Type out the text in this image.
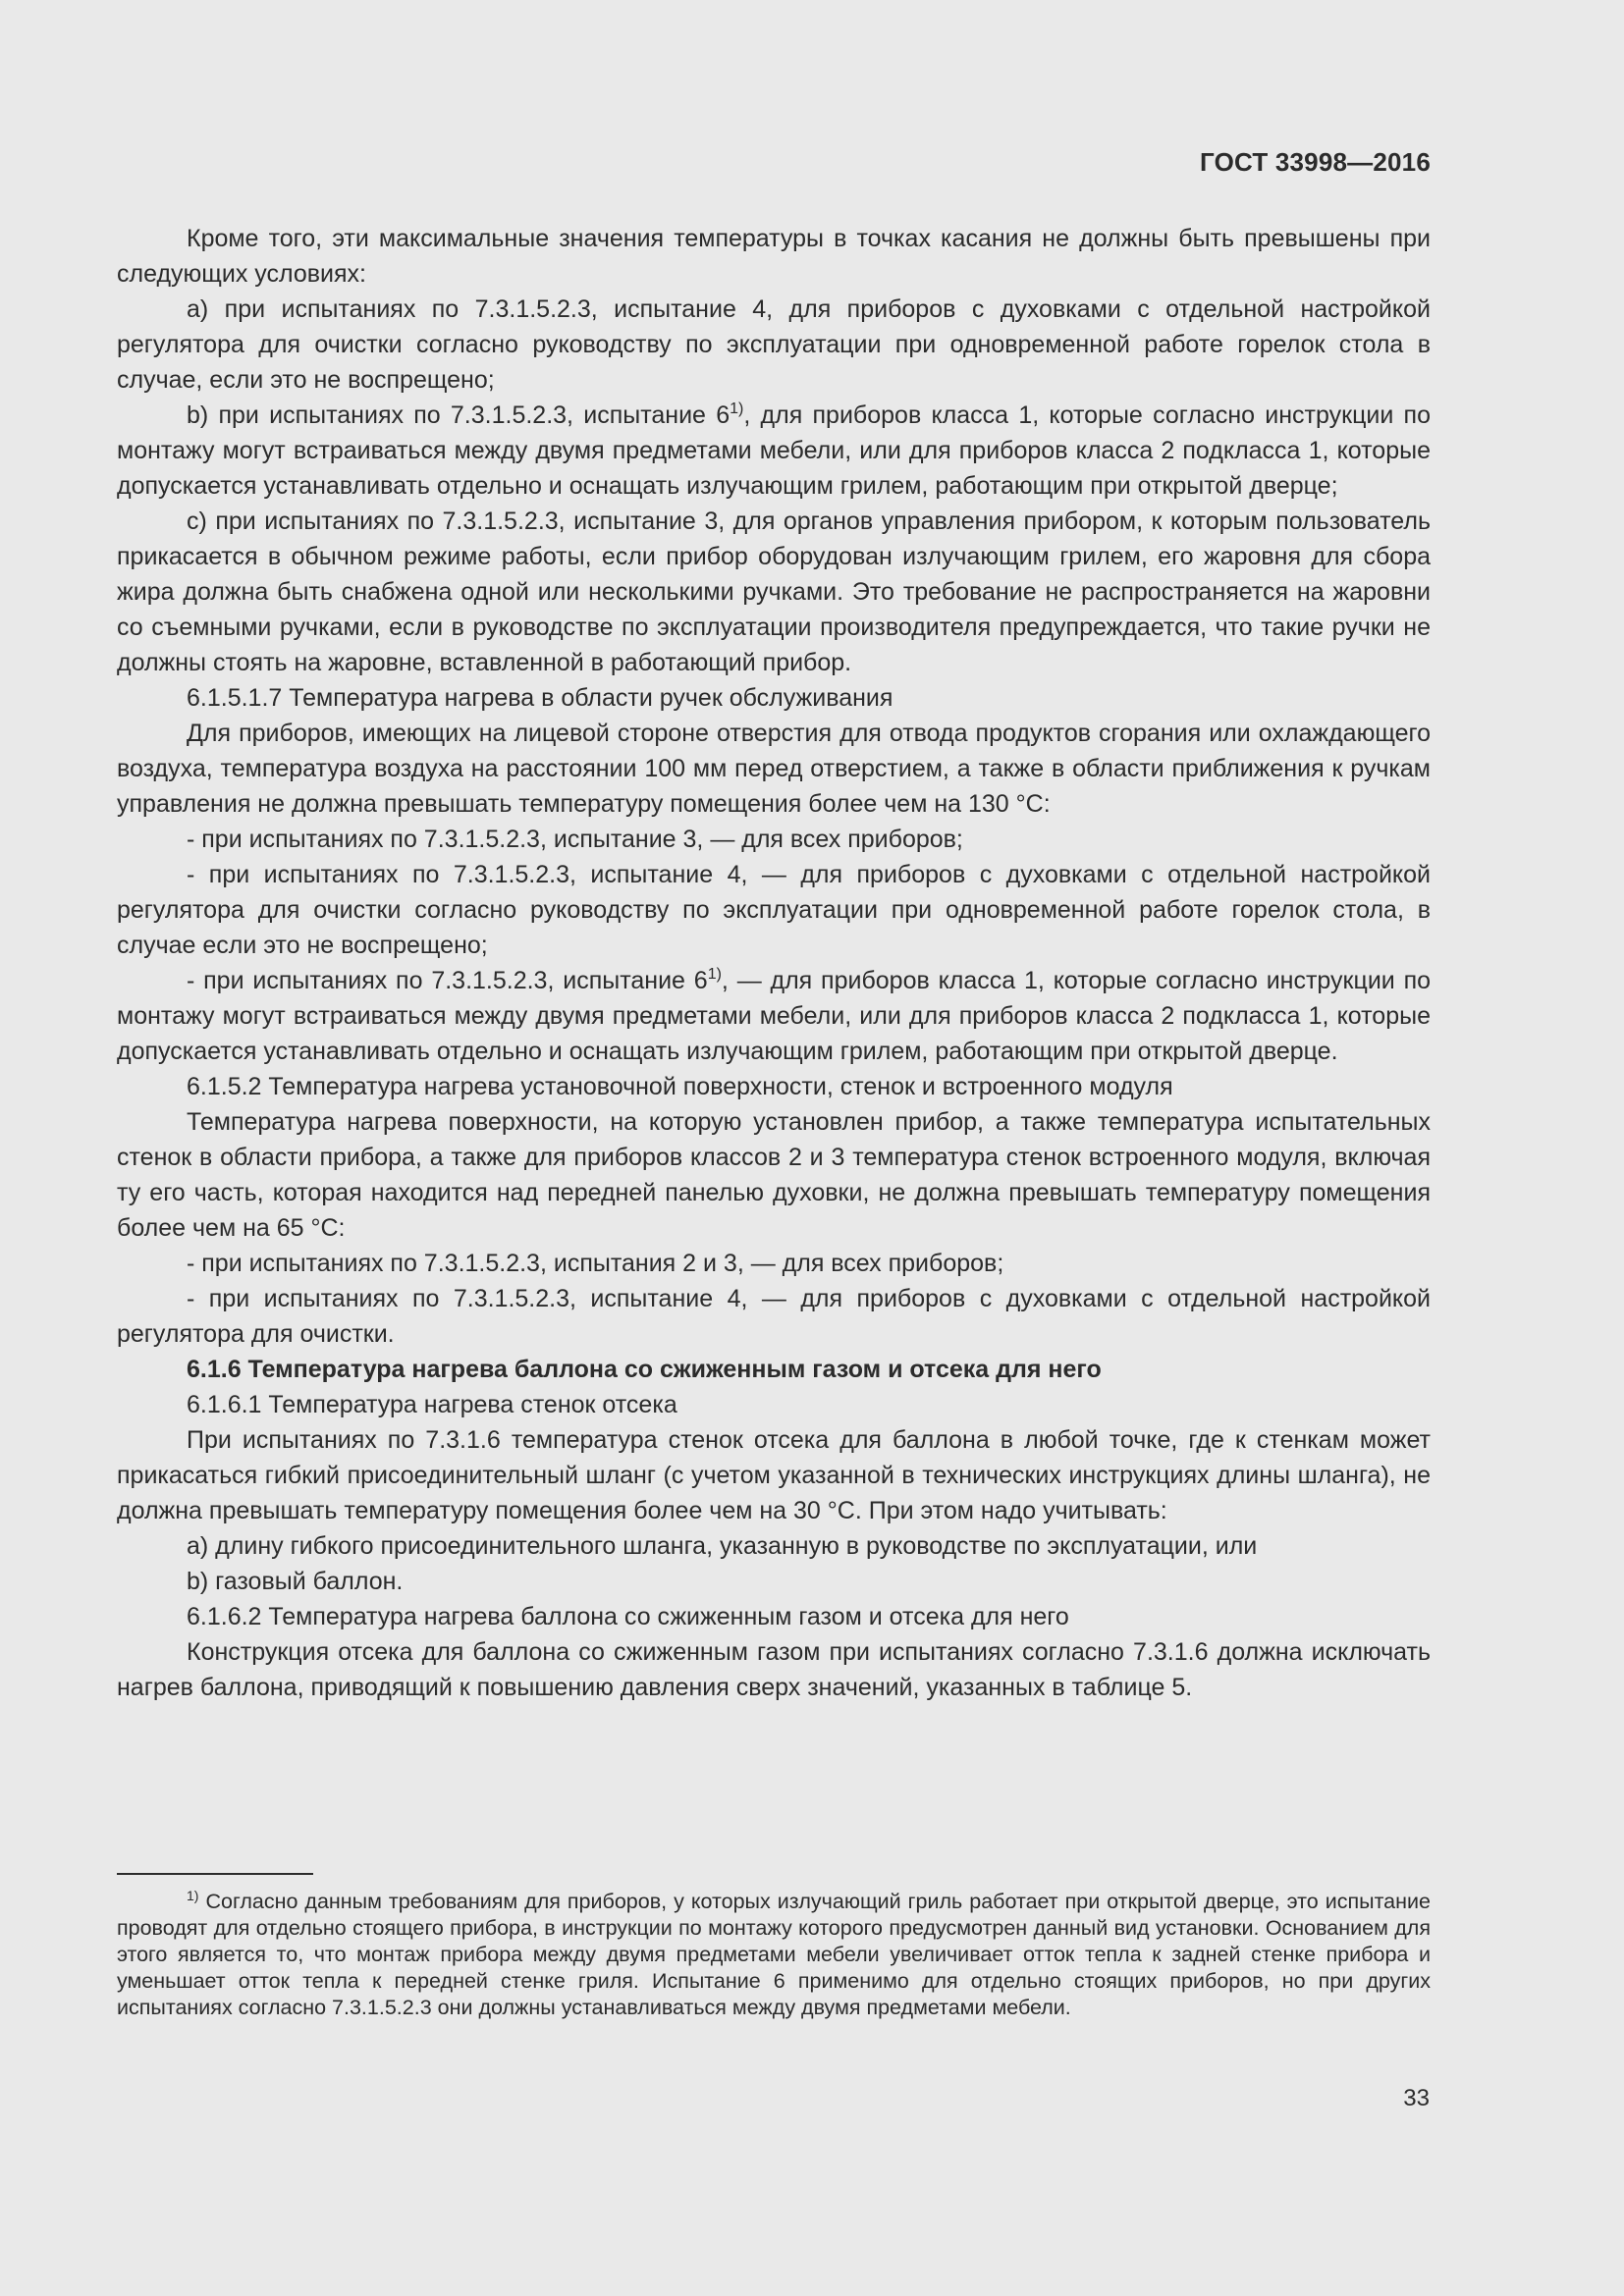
ГОСТ 33998—2016

Кроме того, эти максимальные значения температуры в точках касания не должны быть превышены при следующих условиях:

a) при испытаниях по 7.3.1.5.2.3, испытание 4, для приборов с духовками с отдельной настройкой регулятора для очистки согласно руководству по эксплуатации при одновременной работе горелок стола в случае, если это не воспрещено;

b) при испытаниях по 7.3.1.5.2.3, испытание 6$^{1)}$, для приборов класса 1, которые согласно инструкции по монтажу могут встраиваться между двумя предметами мебели, или для приборов класса 2 подкласса 1, которые допускается устанавливать отдельно и оснащать излучающим грилем, работающим при открытой дверце;

c) при испытаниях по 7.3.1.5.2.3, испытание 3, для органов управления прибором, к которым пользователь прикасается в обычном режиме работы, если прибор оборудован излучающим грилем, его жаровня для сбора жира должна быть снабжена одной или несколькими ручками. Это требование не распространяется на жаровни со съемными ручками, если в руководстве по эксплуатации производителя предупреждается, что такие ручки не должны стоять на жаровне, вставленной в работающий прибор.

6.1.5.1.7 Температура нагрева в области ручек обслуживания

Для приборов, имеющих на лицевой стороне отверстия для отвода продуктов сгорания или охлаждающего воздуха, температура воздуха на расстоянии 100 мм перед отверстием, а также в области приближения к ручкам управления не должна превышать температуру помещения более чем на 130 °С:

- при испытаниях по 7.3.1.5.2.3, испытание 3, — для всех приборов;

- при испытаниях по 7.3.1.5.2.3, испытание 4, — для приборов с духовками с отдельной настройкой регулятора для очистки согласно руководству по эксплуатации при одновременной работе горелок стола, в случае если это не воспрещено;

- при испытаниях по 7.3.1.5.2.3, испытание 6$^{1)}$, — для приборов класса 1, которые согласно инструкции по монтажу могут встраиваться между двумя предметами мебели, или для приборов класса 2 подкласса 1, которые допускается устанавливать отдельно и оснащать излучающим грилем, работающим при открытой дверце.

6.1.5.2 Температура нагрева установочной поверхности, стенок и встроенного модуля

Температура нагрева поверхности, на которую установлен прибор, а также температура испытательных стенок в области прибора, а также для приборов классов 2 и 3 температура стенок встроенного модуля, включая ту его часть, которая находится над передней панелью духовки, не должна превышать температуру помещения более чем на 65 °С:

- при испытаниях по 7.3.1.5.2.3, испытания 2 и 3, — для всех приборов;

- при испытаниях по 7.3.1.5.2.3, испытание 4, — для приборов с духовками с отдельной настройкой регулятора для очистки.

6.1.6 Температура нагрева баллона со сжиженным газом и отсека для него

6.1.6.1 Температура нагрева стенок отсека

При испытаниях по 7.3.1.6 температура стенок отсека для баллона в любой точке, где к стенкам может прикасаться гибкий присоединительный шланг (с учетом указанной в технических инструкциях длины шланга), не должна превышать температуру помещения более чем на 30 °С. При этом надо учитывать:

a) длину гибкого присоединительного шланга, указанную в руководстве по эксплуатации, или

b) газовый баллон.

6.1.6.2 Температура нагрева баллона со сжиженным газом и отсека для него

Конструкция отсека для баллона со сжиженным газом при испытаниях согласно 7.3.1.6 должна исключать нагрев баллона, приводящий к повышению давления сверх значений, указанных в таблице 5.

$^{1)}$ Согласно данным требованиям для приборов, у которых излучающий гриль работает при открытой дверце, это испытание проводят для отдельно стоящего прибора, в инструкции по монтажу которого предусмотрен данный вид установки. Основанием для этого является то, что монтаж прибора между двумя предметами мебели увеличивает отток тепла к задней стенке прибора и уменьшает отток тепла к передней стенке гриля. Испытание 6 применимо для отдельно стоящих приборов, но при других испытаниях согласно 7.3.1.5.2.3 они должны устанавливаться между двумя предметами мебели.

33
